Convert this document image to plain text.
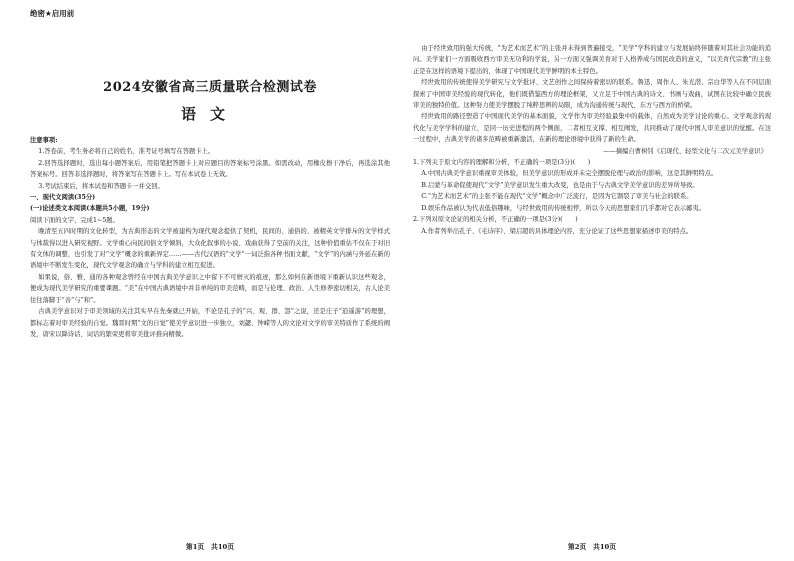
绝密★启用前
2024安徽省高三质量联合检测试卷
语文

注意事项:

1.答卷前，考生务必将自己的姓名、准考证号填写在答题卡上。

2.回答选择题时，选出每小题答案后，用铅笔把答题卡上对应题目的答案标号涂黑。如需改动，用橡皮擦干净后，再选涂其他答案标号。回答非选择题时，将答案写在答题卡上。写在本试卷上无效。

3.考试结束后，将本试卷和答题卡一并交回。

一、现代文阅读(35分)

(一)论述类文本阅读(本题共5小题，19分)

阅读下面的文字，完成1~5题。

晚清至五四时期的文化转型，为古典形态的文学被建构为现代观念提供了契机，民间的、通俗的、被精英文学排斥的文学样式与体裁得以进入研究视野。文学重心向民间俗文学倾斜，大众化叙事的小说、戏曲获得了空前的关注，这种价值重估不仅在于对旧有文体的调整，也引发了对“文学”概念的重新界定……——古代汉语的“文学”一词泛指各种书面文献，“文学”的内涵与外延在新的语境中不断发生变化，现代文学观念的确立与学科的建立相互促进。

如果说，俗、雅、通的各种观念曾经在中国古典美学意识之中留下不可磨灭的痕迹，那么如何在新语境下重新认识这些观念，便成为现代美学研究的重要课题。“美”在中国古典语境中并非单纯的审美范畴，而是与伦理、政治、人生修养密切相关，古人论美往往落脚于“善”与“和”。

古典美学意识对于审美领域的关注其实早在先秦就已开始，不论是孔子的“兴、观、群、怨”之说，还是庄子“逍遥游”的理想，都标志着对审美经验的自觉。魏晋时期“文的自觉”使美学意识进一步独立，刘勰、钟嵘等人的文论对文学的审美特质作了系统的阐发，唐宋以降诗话、词话的繁荣更将审美批评推向精微。

第1页　共10页

由于经世致用的强大传统，“为艺术而艺术”的主张并未得到普遍接受，“美学”学科的建立与发展始终伴随着对其社会功能的追问。美学家们一方面吸收西方审美无功利的学说，另一方面又强调美育对于人格养成与国民改造的意义，“以美育代宗教”的主张正是在这样的语境下提出的，体现了中国现代美学鲜明的本土特色。

经世致用的传统使得美学研究与文学批评、文艺创作之间保持着密切的联系。鲁迅、周作人、朱光潜、宗白华等人在不同层面探索了中国审美经验的现代转化，他们既借鉴西方的理论框架，又立足于中国古典的诗文、书画与戏曲，试图在比较中确立民族审美的独特价值。这种努力使美学摆脱了纯粹思辨的局限，成为沟通传统与现代、东方与西方的桥梁。

经世致用的路径塑造了中国现代美学的基本面貌，文学作为审美经验最集中的载体，自然成为美学讨论的重心。文学观念的现代化与美学学科的建立，是同一历史进程的两个侧面，二者相互支撑、相互阐发，共同推动了现代中国人审美意识的觉醒。在这一过程中，古典美学的诸多范畴被重新激活，在新的理论语境中获得了新的生命。

——摘编自曹树钊《启现代、轻型文化与二次元美学意识》

1.下列关于原文内容的理解和分析，不正确的一项是(3分)(　　)

A.中国古典美学意识重视审美体验，但美学意识的形成并未完全摆脱伦理与政治的影响，这是其鲜明特点。

B.启蒙与革命促使现代“文学”美学意识发生重大改变，也是由于与古典文学美学意识的差异所导致。

C.“为艺术而艺术”的主张不能在现代“文学”概念中广泛流行，是因为它割裂了审美与社会的联系。

D.娱乐作品被认为代表低俗趣味，与经世致用的传统相悖，所以今天的思想家们几乎都对它表示鄙夷。

2.下列对原文论证的相关分析，不正确的一项是(3分)(　　)

A.作者列举出孔子、《毛诗序》、梁启超的具体理论内容，充分论证了这些思想家描述审美的特点。

第2页　共10页
